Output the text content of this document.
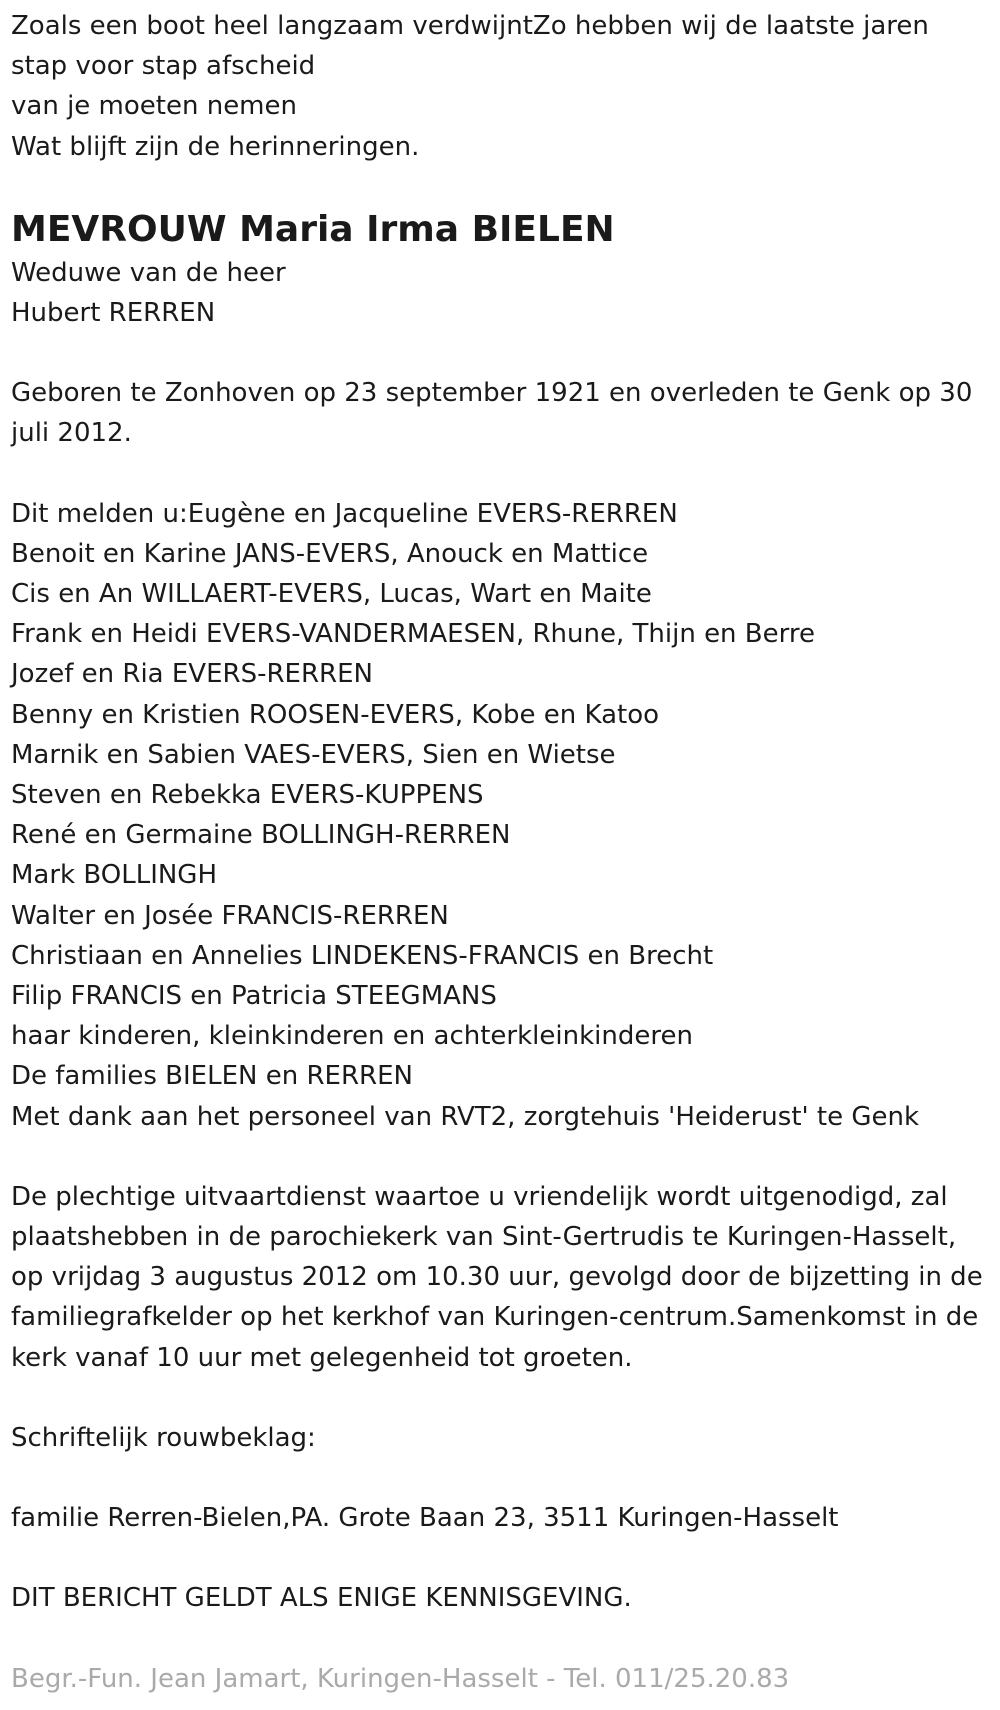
Zoals een boot heel langzaam verdwijntZo hebben wij de laatste jaren

stap voor stap afscheid

van je moeten nemen

Wat blijft zijn de herinneringen.

MEVROUW Maria Irma BIELEN

Weduwe van de heer

Hubert RERREN

Geboren te Zonhoven op 23 september 1921 en overleden te Genk op 30 juli 2012.

Dit melden u:Eugène en Jacqueline EVERS-RERREN

Benoit en Karine JANS-EVERS, Anouck en Mattice

Cis en An WILLAERT-EVERS, Lucas, Wart en Maite

Frank en Heidi EVERS-VANDERMAESEN, Rhune, Thijn en Berre

Jozef en Ria EVERS-RERREN

Benny en Kristien ROOSEN-EVERS, Kobe en Katoo

Marnik en Sabien VAES-EVERS, Sien en Wietse

Steven en Rebekka EVERS-KUPPENS

René en Germaine BOLLINGH-RERREN

Mark BOLLINGH

Walter en Josée FRANCIS-RERREN

Christiaan en Annelies LINDEKENS-FRANCIS en Brecht

Filip FRANCIS en Patricia STEEGMANS

haar kinderen, kleinkinderen en achterkleinkinderen

De families BIELEN en RERREN

Met dank aan het personeel van RVT2, zorgtehuis 'Heiderust' te Genk

De plechtige uitvaartdienst waartoe u vriendelijk wordt uitgenodigd, zal plaatshebben in de parochiekerk van Sint-Gertrudis te Kuringen-Hasselt, op vrijdag 3 augustus 2012 om 10.30 uur, gevolgd door de bijzetting in de familiegrafkelder op het kerkhof van Kuringen-centrum.Samenkomst in de kerk vanaf 10 uur met gelegenheid tot groeten.

Schriftelijk rouwbeklag:

familie Rerren-Bielen,PA. Grote Baan 23, 3511 Kuringen-Hasselt

DIT BERICHT GELDT ALS ENIGE KENNISGEVING.

Begr.-Fun. Jean Jamart, Kuringen-Hasselt - Tel. 011/25.20.83
